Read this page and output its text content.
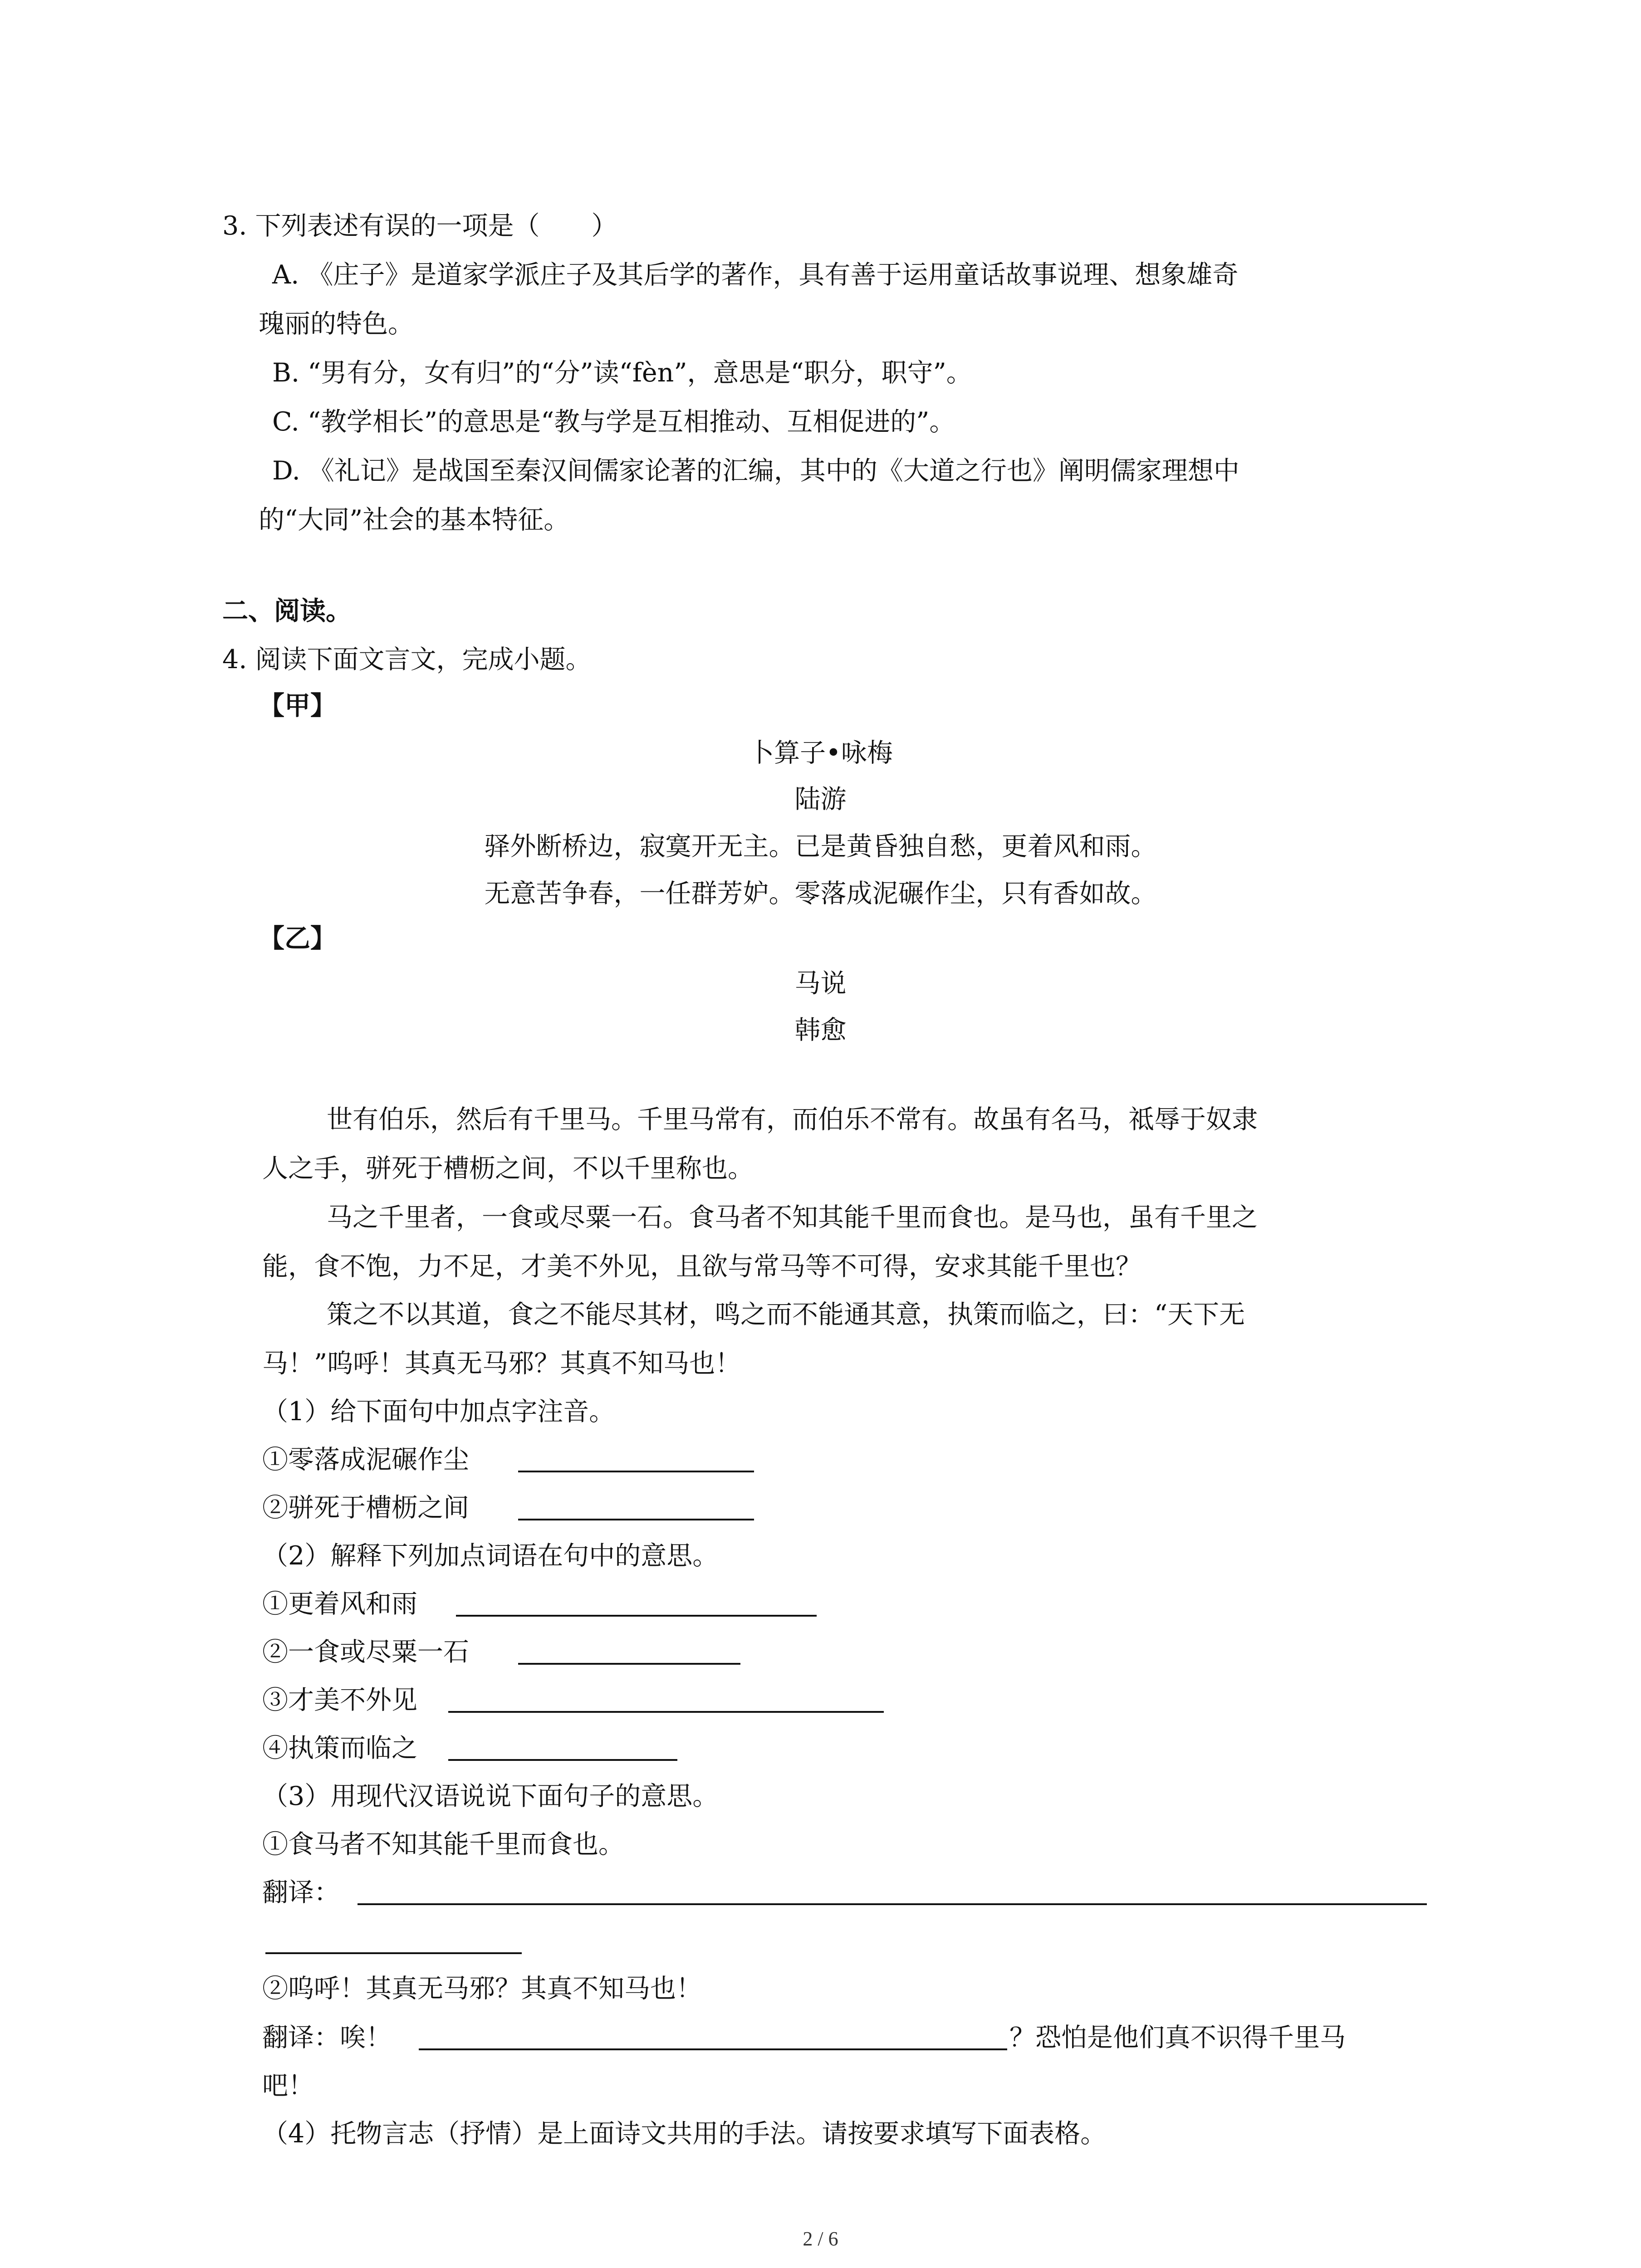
3. 下列表述有误的一项是（　　）
A. 《庄子》是道家学派庄子及其后学的著作，具有善于运用童话故事说理、想象雄奇
瑰丽的特色。
B. “男有分，女有归”的“分”读“fèn”，意思是“职分，职守”。
C. “教学相长”的意思是“教与学是互相推动、互相促进的”。
D. 《礼记》是战国至秦汉间儒家论著的汇编，其中的《大道之行也》阐明儒家理想中
的“大同”社会的基本特征。
二、阅读。
4. 阅读下面文言文，完成小题。
【甲】
卜算子•咏梅
陆游
驿外断桥边，寂寞开无主。已是黄昏独自愁，更着风和雨。
无意苦争春，一任群芳妒。零落成泥碾作尘，只有香如故。
【乙】
马说
韩愈
世有伯乐，然后有千里马。千里马常有，而伯乐不常有。故虽有名马，祗辱于奴隶
人之手，骈死于槽枥之间，不以千里称也。
马之千里者，一食或尽粟一石。食马者不知其能千里而食也。是马也，虽有千里之
能，食不饱，力不足，才美不外见，且欲与常马等不可得，安求其能千里也？
策之不以其道，食之不能尽其材，鸣之而不能通其意，执策而临之，曰：“天下无
马！”呜呼！其真无马邪？其真不知马也！
（1）给下面句中加点字注音。
①零落成泥碾作尘
②骈死于槽枥之间
（2）解释下列加点词语在句中的意思。
①更着风和雨
②一食或尽粟一石
③才美不外见
④执策而临之
（3）用现代汉语说说下面句子的意思。
①食马者不知其能千里而食也。
翻译：
②呜呼！其真无马邪？其真不知马也！
翻译：唉！	？恐怕是他们真不识得千里马
吧！
（4）托物言志（抒情）是上面诗文共用的手法。请按要求填写下面表格。
2 / 6
